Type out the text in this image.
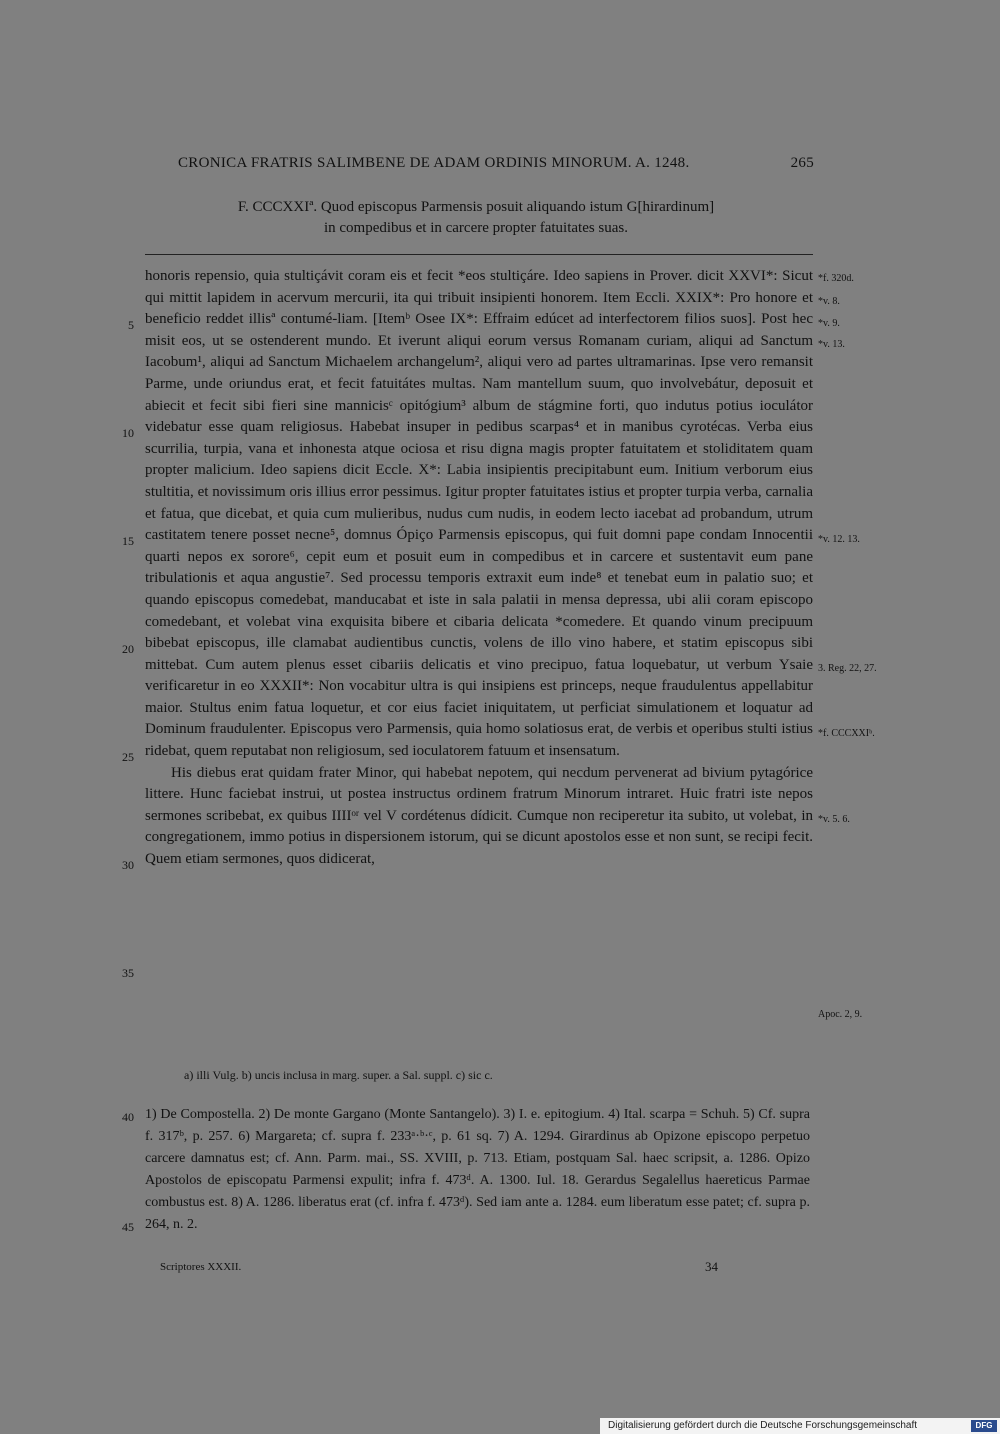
CRONICA FRATRIS SALIMBENE DE ADAM ORDINIS MINORUM. A. 1248.	265
F. CCCXXIª. Quod episcopus Parmensis posuit aliquando istum G[hirardinum]
in compedibus et in carcere propter fatuitates suas.

honoris repensio, quia stultiçávit coram eis et fecit *eos stultiçáre. Ideo sapiens in Prover. dicit XXVI*: Sicut qui mittit lapidem in acervum mercurii, ita qui tribuit insipienti honorem. Item Eccli. XXIX*: Pro honore et beneficio reddet illisª contumé-liam. [Itemᵇ Osee IX*: Effraim edúcet ad interfectorem filios suos]. Post hec misit eos, ut se ostenderent mundo. Et iverunt aliqui eorum versus Romanam curiam, aliqui ad Sanctum Iacobum¹, aliqui ad Sanctum Michaelem archangelum², aliqui vero ad partes ultramarinas. Ipse vero remansit Parme, unde oriundus erat, et fecit fatuitátes multas. Nam mantellum suum, quo involvebátur, deposuit et abiecit et fecit sibi fieri sine mannicisᶜ opitógium³ album de stágmine forti, quo indutus potius ioculátor videbatur esse quam religiosus. Habebat insuper in pedibus scarpas⁴ et in manibus cyrotécas. Verba eius scurrilia, turpia, vana et inhonesta atque ociosa et risu digna magis propter fatuitatem et stoliditatem quam propter malicium. Ideo sapiens dicit Eccle. X*: Labia insipientis precipitabunt eum. Initium verborum eius stultitia, et novissimum oris illius error pessimus. Igitur propter fatuitates istius et propter turpia verba, carnalia et fatua, que dicebat, et quia cum mulieribus, nudus cum nudis, in eodem lecto iacebat ad probandum, utrum castitatem tenere posset necne⁵, domnus Ópiço Parmensis episcopus, qui fuit domni pape condam Innocentii quarti nepos ex sorore⁶, cepit eum et posuit eum in compedibus et in carcere et sustentavit eum pane tribulationis et aqua angustie⁷. Sed processu temporis extraxit eum inde⁸ et tenebat eum in palatio suo; et quando episcopus comedebat, manducabat et iste in sala palatii in mensa depressa, ubi alii coram episcopo comedebant, et volebat vina exquisita bibere et cibaria delicata *comedere. Et quando vinum precipuum bibebat episcopus, ille clamabat audientibus cunctis, volens de illo vino habere, et statim episcopus sibi mittebat. Cum autem plenus esset cibariis delicatis et vino precipuo, fatua loquebatur, ut verbum Ysaie verificaretur in eo XXXII*: Non vocabitur ultra is qui insipiens est princeps, neque fraudulentus appellabitur maior. Stultus enim fatua loquetur, et cor eius faciet iniquitatem, ut perficiat simulationem et loquatur ad Dominum fraudulenter. Episcopus vero Parmensis, quia homo solatiosus erat, de verbis et operibus stulti istius ridebat, quem reputabat non religiosum, sed ioculatorem fatuum et insensatum.

His diebus erat quidam frater Minor, qui habebat nepotem, qui necdum pervenerat ad bivium pytagórice littere. Hunc faciebat instrui, ut postea instructus ordinem fratrum Minorum intraret. Huic fratri iste nepos sermones scribebat, ex quibus IIIIᵒʳ vel V cordétenus dídicit. Cumque non reciperetur ita subito, ut volebat, in congregationem, immo potius in dispersionem istorum, qui se dicunt apostolos esse et non sunt, se recipi fecit. Quem etiam sermones, quos didicerat,

5
10
15
20
25
30
35
40
45
*f. 320d.
*v. 8.
*v. 9.
*v. 13.
*v. 12. 13.
3. Reg. 22, 27.
*f. CCCXXIᵇ.
*v. 5. 6.
Apoc. 2, 9.
a) illi Vulg. b) uncis inclusa in marg. super. a Sal. suppl. c) sic c.

1) De Compostella. 2) De monte Gargano (Monte Santangelo). 3) I. e. epitogium. 4) Ital. scarpa = Schuh. 5) Cf. supra f. 317ᵇ, p. 257. 6) Margareta; cf. supra f. 233ᵃ·ᵇ·ᶜ, p. 61 sq. 7) A. 1294. Girardinus ab Opizone episcopo perpetuo carcere damnatus est; cf. Ann. Parm. mai., SS. XVIII, p. 713. Etiam, postquam Sal. haec scripsit, a. 1286. Opizo Apostolos de episcopatu Parmensi expulit; infra f. 473ᵈ. A. 1300. Iul. 18. Gerardus Segalellus haereticus Parmae combustus est. 8) A. 1286. liberatus erat (cf. infra f. 473ᵈ). Sed iam ante a. 1284. eum liberatum esse patet; cf. supra p. 264, n. 2.

Scriptores XXXII.	34
Digitalisierung gefördert durch die Deutsche Forschungsgemeinschaft	DFG
